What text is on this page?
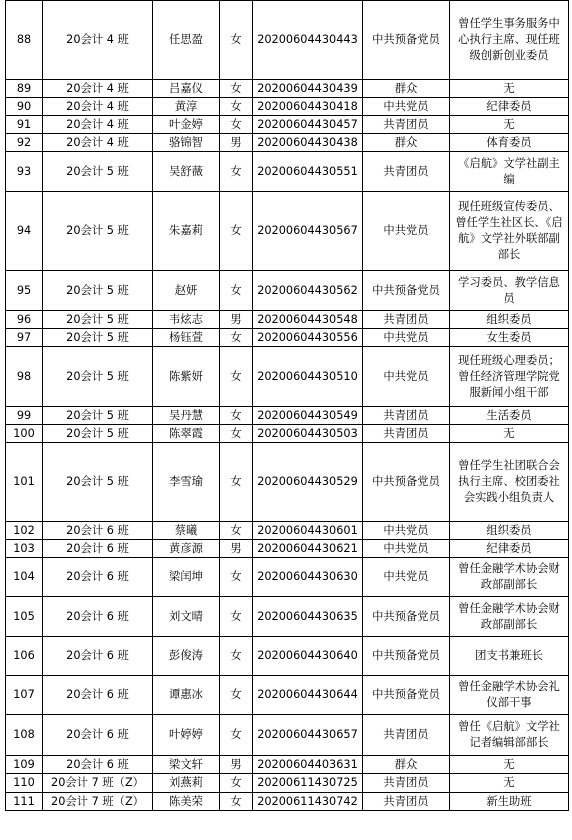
88	20会计 4 班	任思盈	女	20200604430443	中共预备党员	曾任学生事务服务中心执行主席、现任班级创新创业委员
89	20会计 4 班	吕嘉仪	女	20200604430439	群众	无
90	20会计 4 班	黄淳	女	20200604430418	中共党员	纪律委员
91	20会计 4 班	叶金婷	女	20200604430457	共青团员	无
92	20会计 4 班	骆锦智	男	20200604430438	群众	体育委员
93	20会计 5 班	吴舒薇	女	20200604430551	共青团员	《启航》文学社副主编
94	20会计 5 班	朱嘉莉	女	20200604430567	中共党员	现任班级宣传委员、曾任学生社区长、《启航》文学社外联部副部长
95	20会计 5 班	赵妍	女	20200604430562	中共预备党员	学习委员、教学信息员
96	20会计 5 班	韦炫志	男	20200604430548	共青团员	组织委员
97	20会计 5 班	杨钰萱	女	20200604430556	中共党员	女生委员
98	20会计 5 班	陈紫妍	女	20200604430510	中共党员	现任班级心理委员；曾任经济管理学院党服新闻小组干部
99	20会计 5 班	吴丹慧	女	20200604430549	共青团员	生活委员
100	20会计 5 班	陈翠霞	女	20200604430503	共青团员	无
101	20会计 5 班	李雪瑜	女	20200604430529	中共预备党员	曾任学生社团联合会执行主席、校团委社会实践小组负责人
102	20会计 6 班	蔡曦	女	20200604430601	中共党员	组织委员
103	20会计 6 班	黄彦源	男	20200604430621	中共党员	纪律委员
104	20会计 6 班	梁闰坤	女	20200604430630	中共党员	曾任金融学术协会财政部副部长
105	20会计 6 班	刘文晴	女	20200604430635	中共预备党员	曾任金融学术协会财政部副部长
106	20会计 6 班	彭俊涛	女	20200604430640	中共预备党员	团支书兼班长
107	20会计 6 班	谭惠冰	女	20200604430644	中共预备党员	曾任金融学术协会礼仪部干事
108	20会计 6 班	叶婷婷	女	20200604430657	共青团员	曾任《启航》文学社记者编辑部部长
109	20会计 6 班	梁文轩	男	20200604403631	群众	无
110	20会计 7 班（Z）	刘燕莉	女	20200611430725	共青团员	无
111	20会计 7 班（Z）	陈美荣	女	20200611430742	共青团员	新生助班
